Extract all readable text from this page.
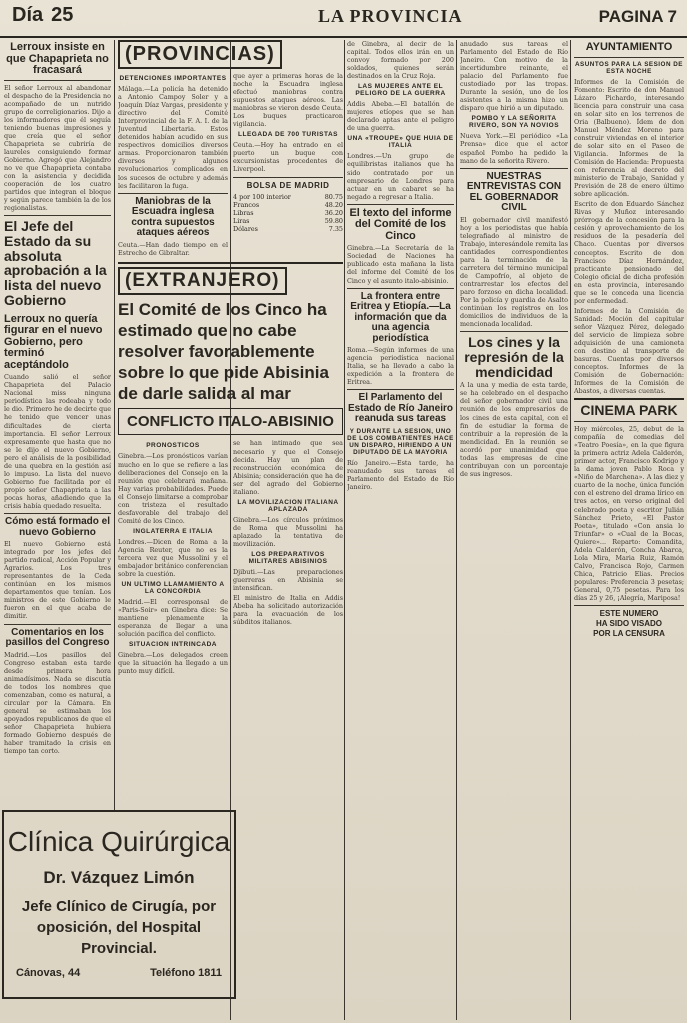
Día 25	LA PROVINCIA	PAGINA 7
Lerroux insiste en que Chapaprieta no fracasará
El señor Lerroux al abandonar el despacho de la Presidencia no acompañado de un nutrido grupo de correligionarios. Dijo a los informadores que él seguía teniendo buenas impresiones y que creía que el señor Chapaprieta se cubriría de laureles consiguiendo formar Gobierno. Agregó que Alejandro no ve que Chapaprieta contaba con la asistencia y decidida cooperación de los cuatro partidos que integran el bloque y según parece también la de los regionalistas.
El Jefe del Estado da su absoluta aprobación a la lista del nuevo Gobierno
Lerroux no quería figurar en el nuevo Gobierno, pero terminó aceptándolo
Cuando salió el señor Chapaprieta del Palacio Nacional miss ninguna periodística las rodeaba y todo le dio. Primero he de decirte que he tenido que vencer unas dificultades de cierta importancia. El señor Lerroux expresamente que hasta que no se le dijo el nuevo Gobierno, pero el análisis de la posibilidad de una quebra en la gestión así lo impuso. La lista del nuevo Gobierno fue facilitada por el propio señor Chapaprieta a las pocas horas, añadiendo que la crisis había quedado resuelta.
Cómo está formado el nuevo Gobierno
El nuevo Gobierno está integrado por los jefes del partido radical, Acción Popular y Agrarios. Los tres representantes de la Ceda continúan en los mismos departamentos que tenían. Los ministros de este Gobierno le fueron en el que acaba de dimitir.
Comentarios en los pasillos del Congreso
Madrid.—Los pasillos del Congreso estaban esta tarde desde primera hora animadísimos. Nada se discutía de todos los nombres que comenzaban, como es natural, a circular por la Cámara. En general se estimaban los apoyados republicanos de que el señor Chapaprieta hubiera formado Gobierno después de haber tramitado la crisis en tiempo tan corto.
Clínica Quirúrgica
Dr. Vázquez Limón
Jefe Clínico de Cirugía, por oposición, del Hospital Provincial.
Cánovas, 44	Teléfono 1811
(PROVINCIAS)
DETENCIONES IMPORTANTES
Málaga.—La policía ha detenido a Antonio Campoy Soler y a Joaquín Díaz Vargas, presidente y directivo del Comité Interprovincial de la F. A. I. de la Juventud Libertaria. Estos detenidos habían acudido en sus respectivos domicilios diversos armas. Proporcionaron también diversos y algunos revolucionarios complicados en los sucesos de octubre y además les facilitaron la fuga.
Maniobras de la Escuadra inglesa contra supuestos ataques aéreos
Ceuta.—Han dado tiempo en el Estrecho de Gibraltar.
que ayer a primeras horas de la noche la Escuadra inglesa efectuó maniobras contra supuestos ataques aéreos. Las maniobras se vieron desde Ceuta. Los buques practicaron vigilancia.
LLEGADA DE 700 TURISTAS
Ceuta.—Hoy ha entrado en el puerto un buque con excursionistas procedentes de Liverpool.
BOLSA DE MADRID
4 por 100 interior	80.75
Francos	48.20
Libras	36.20
Liras	59.80
Dólares	7.35
(EXTRANJERO)
El Comité de los Cinco ha estimado que no cabe resolver favorablemente sobre lo que pide Abisinia de darle salida al mar
CONFLICTO ITALO-ABISINIO
PRONOSTICOS
Ginebra.—Los pronósticos varían mucho en lo que se refiere a las deliberaciones del Consejo en la reunión que celebrará mañana. Hay varias probabilidades. Puede el Consejo limitarse a comprobar con tristeza el resultado desfavorable del trabajo del Comité de los Cinco.
INGLATERRA E ITALIA
Londres.—Dicen de Roma a la Agencia Reuter, que no es la tercera vez que Mussolini y el embajador británico conferencian sobre la cuestión.
UN ULTIMO LLAMAMIENTO A LA CONCORDIA
Madrid.—El corresponsal de «Paris-Soir» en Ginebra dice: Se mantiene plenamente la esperanza de llegar a una solución pacífica del conflicto.
SITUACION INTRINCADA
Ginebra.—Los delegados creen que la situación ha llegado a un punto muy difícil.
se han intimado que sea necesario y que el Consejo decida. Hay un plan de reconstrucción económica de Abisinia; consideración que ha de ser del agrado del Gobierno italiano.
LA MOVILIZACION ITALIANA APLAZADA
Ginebra.—Los círculos próximos de Roma que Mussolini ha aplazado la tentativa de movilización.
LOS PREPARATIVOS MILITARES ABISINIOS
Djibuti.—Las preparaciones guerreras en Abisinia se intensifican.
El ministro de Italia en Addis Abeba ha solicitado autorización para la evacuación de los súbditos italianos.
de Ginebra, al decir de la capital. Todos ellos irán en un convoy formado por 200 soldados, quienes serán destinados en la Cruz Roja.
LAS MUJERES ANTE EL PELIGRO DE LA GUERRA
Addis Abeba.—El batallón de mujeres etíopes que se han declarado aptas ante el peligro de una guerra.
UNA «TROUPE» QUE HUIA DE ITALIA
Londres.—Un grupo de equilibristas italianos que ha sido contratado por un empresario de Londres para actuar en un cabaret se ha negado a regresar a Italia.
El texto del informe del Comité de los Cinco
Ginebra.—La Secretaría de la Sociedad de Naciones ha publicado esta mañana la lista del informe del Comité de los Cinco y el asunto italo-abisinio.
La frontera entre Eritrea y Etiopía.—La información que da una agencia periodística
Roma.—Según informes de una agencia periodística nacional Italia, se ha llevado a cabo la expedición a la frontera de Eritrea.
El Parlamento del Estado de Río Janeiro reanuda sus tareas
Y DURANTE LA SESION, UNO DE LOS COMBATIENTES HACE UN DISPARO, HIRIENDO A UN DIPUTADO DE LA MAYORIA
Río Janeiro.—Esta tarde, ha reanudado sus tareas el Parlamento del Estado de Río Janeiro.
anudado sus tareas el Parlamento del Estado de Río Janeiro. Con motivo de la incertidumbre reinante, el palacio del Parlamento fue custodiado por las tropas. Durante la sesión, uno de los asistentes a la misma hizo un disparo que hirió a un diputado.
POMBO Y LA SEÑORITA RIVERO, SON YA NOVIOS
Nueva York.—El periódico «La Prensa» dice que el actor español Pombo ha pedido la mano de la señorita Rivero.
NUESTRAS ENTREVISTAS CON EL GOBERNADOR CIVIL
El gobernador civil manifestó hoy a los periodistas que había telegrafiado al ministro de Trabajo, interesándole remita las cantidades correspondientes para la terminación de la carretera del término municipal de Campofrío, al objeto de contrarrestar los efectos del paro forzoso en dicha localidad. Por la policía y guardia de Asalto continúan los registros en los domicilios de individuos de la mencionada localidad.
Los cines y la represión de la mendicidad
A la una y media de esta tarde, se ha celebrado en el despacho del señor gobernador civil una reunión de los empresarios de los cines de esta capital, con el fin de estudiar la forma de contribuir a la represión de la mendicidad. En la reunión se acordó por unanimidad que todas las empresas de cine contribuyan con un porcentaje de sus ingresos.
AYUNTAMIENTO
ASUNTOS PARA LA SESION DE ESTA NOCHE
Informes de la Comisión de Fomento: Escrito de don Manuel Lázaro Pichardo, interesando licencia para construir una casa en solar sito en los terrenos de Oria (Balbueno). Ídem de don Manuel Méndez Moreno para construir viviendas en el interior de solar sito en el Paseo de Vigilancia. Informes de la Comisión de Hacienda: Propuesta con referencia al decreto del ministerio de Trabajo, Sanidad y Previsión de 28 de enero último sobre aplicación.
Escrito de don Eduardo Sánchez Rivas y Muñoz interesando prórroga de la concesión para la cesión y aprovechamiento de los residuos de la pesadería del Chaco. Cuentas por diversos conceptos. Escrito de don Francisco Díaz Hernández, practicante pensionado del Colegio oficial de dicha profesión en esta provincia, interesando que se le conceda una licencia por enfermedad.
Informes de la Comisión de Sanidad: Moción del capitular señor Vázquez Pérez, delegado del servicio de limpieza sobre adquisición de una camioneta con destino al transporte de basuras. Cuentas por diversos conceptos. Informes de la Comisión de Gobernación: Informes de la Comisión de Abastos, a diversas cuentas.
CINEMA PARK
Hoy miércoles, 25, debut de la compañía de comedias del «Teatro Poesía», en la que figura la primera actriz Adela Calderón, primer actor, Francisco Kodrigo y la dama joven Pablo Roca y «Niño de Marchena». A las diez y cuarto de la noche, única función con el estreno del drama lírico en tres actos, en verso original del celebrado poeta y escritor Julián Sánchez Prieto, «El Pastor Poeta», titulado «Con ansia lo Triunfar» o «Cual de la Bocas, Quiere»... Reparto: Comandita, Adela Calderón, Concha Abarca, Lola Mira, Maria Ruiz, Ramón Calvo, Francisca Rojo, Carmen Chica, Patricio Elias. Precios populares: Preferencia 3 pesetas; General, 0,75 pesetas. Para los días 25 y 26, ¡Alegría, Mariposa!
ESTE NUMERO
HA SIDO VISADO
POR LA CENSURA
